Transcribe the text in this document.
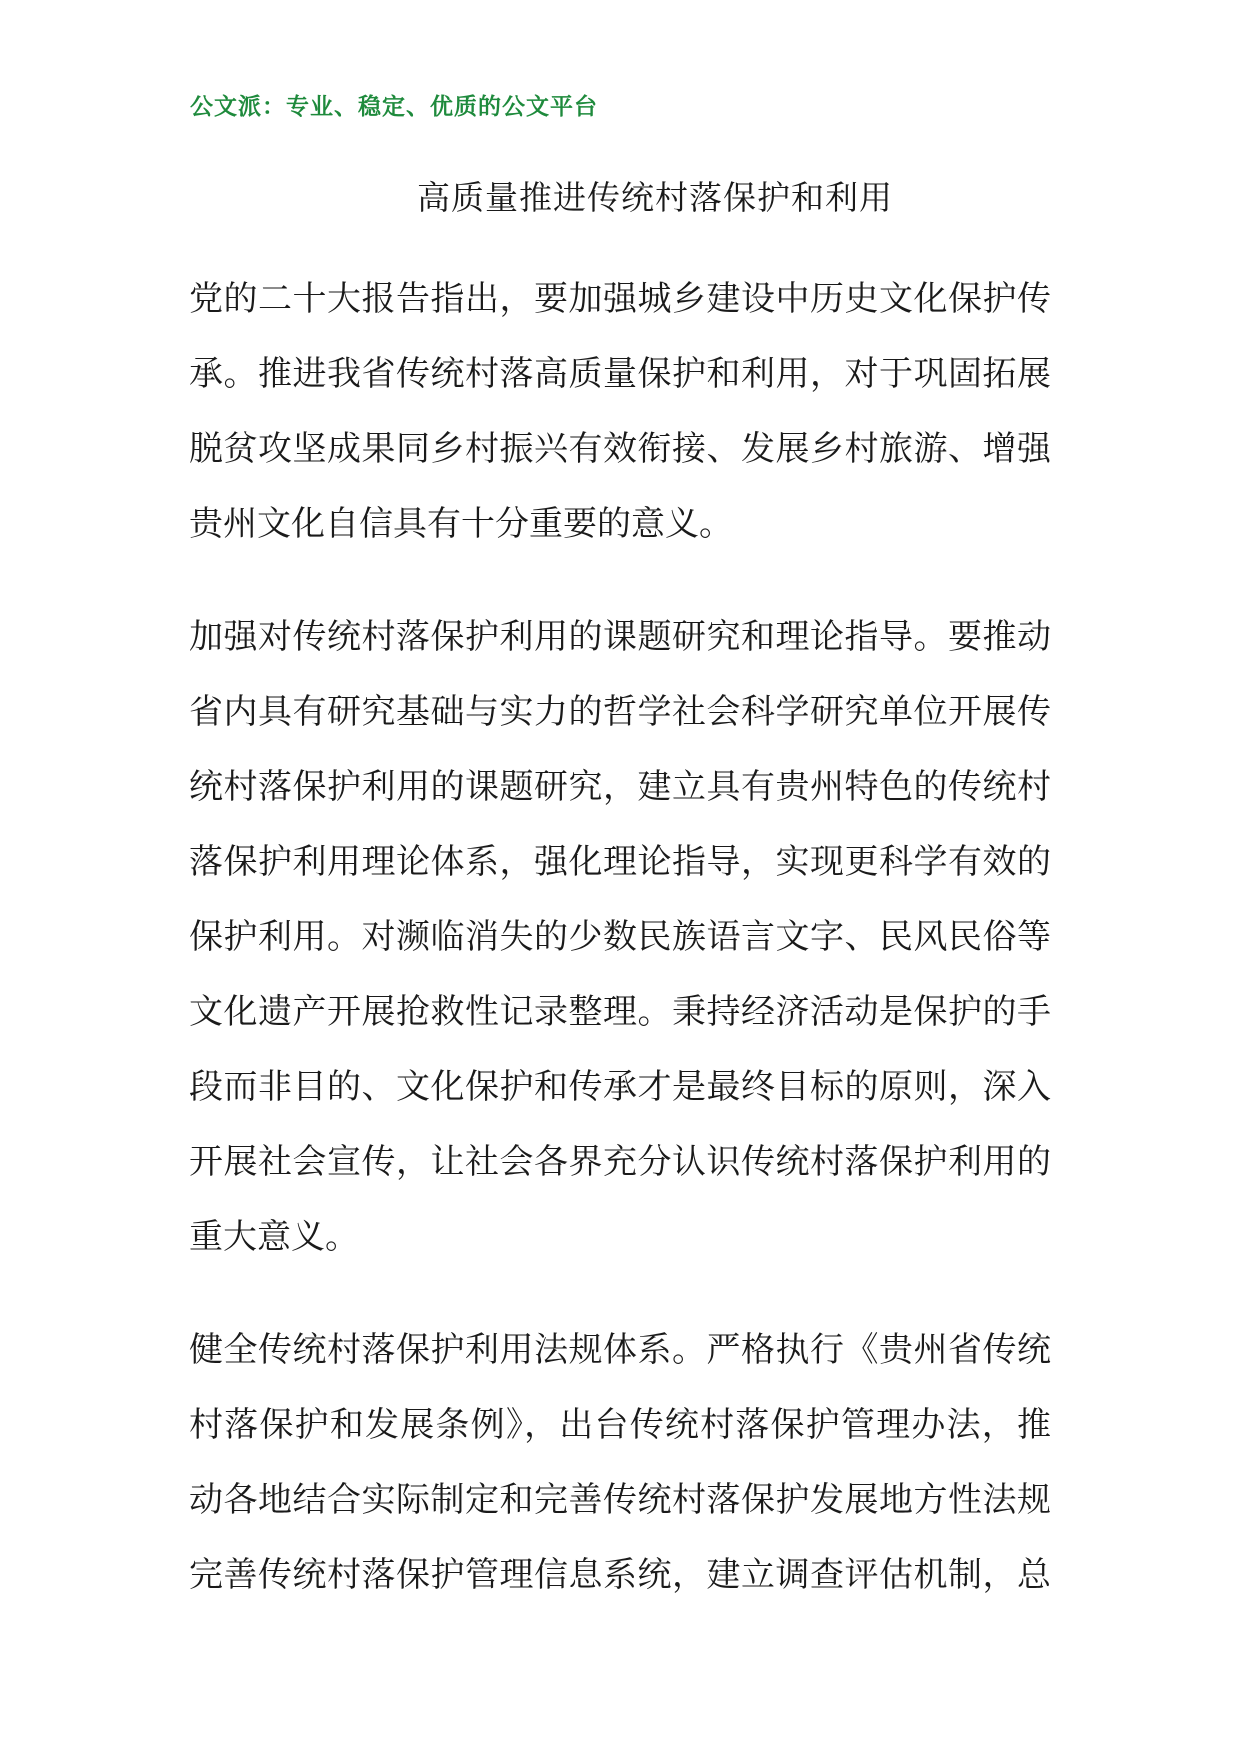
公文派：专业、稳定、优质的公文平台
高质量推进传统村落保护和利用
党的二十大报告指出，要加强城乡建设中历史文化保护传
承。推进我省传统村落高质量保护和利用，对于巩固拓展
脱贫攻坚成果同乡村振兴有效衔接、发展乡村旅游、增强
贵州文化自信具有十分重要的意义。
加强对传统村落保护利用的课题研究和理论指导。要推动
省内具有研究基础与实力的哲学社会科学研究单位开展传
统村落保护利用的课题研究，建立具有贵州特色的传统村
落保护利用理论体系，强化理论指导，实现更科学有效的
保护利用。对濒临消失的少数民族语言文字、民风民俗等
文化遗产开展抢救性记录整理。秉持经济活动是保护的手
段而非目的、文化保护和传承才是最终目标的原则，深入
开展社会宣传，让社会各界充分认识传统村落保护利用的
重大意义。
健全传统村落保护利用法规体系。严格执行《贵州省传统
村落保护和发展条例》，出台传统村落保护管理办法，推
动各地结合实际制定和完善传统村落保护发展地方性法规
完善传统村落保护管理信息系统，建立调查评估机制，总
